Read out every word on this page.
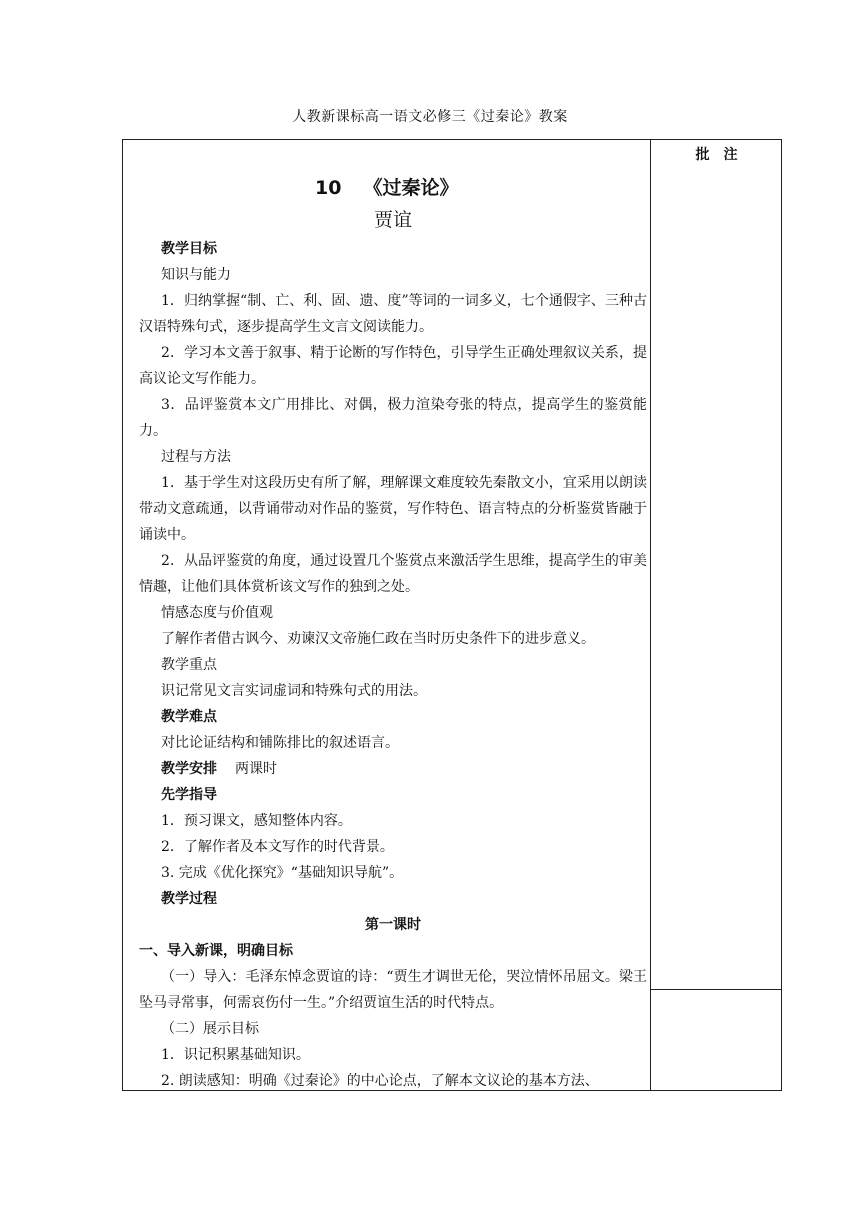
人教新课标高一语文必修三《过秦论》教案
批　注
10 《过秦论》
贾谊

教学目标

知识与能力

1．归纳掌握“制、亡、利、固、遗、度”等词的一词多义，七个通假字、三种古汉语特殊句式，逐步提高学生文言文阅读能力。

2．学习本文善于叙事、精于论断的写作特色，引导学生正确处理叙议关系，提高议论文写作能力。

3．品评鉴赏本文广用排比、对偶，极力渲染夸张的特点，提高学生的鉴赏能力。

过程与方法

1．基于学生对这段历史有所了解，理解课文难度较先秦散文小，宜采用以朗读带动文意疏通，以背诵带动对作品的鉴赏，写作特色、语言特点的分析鉴赏皆融于诵读中。

2．从品评鉴赏的角度，通过设置几个鉴赏点来激活学生思维，提高学生的审美情趣，让他们具体赏析该文写作的独到之处。

情感态度与价值观

了解作者借古讽今、劝谏汉文帝施仁政在当时历史条件下的进步意义。

教学重点

识记常见文言实词虚词和特殊句式的用法。

教学难点

对比论证结构和铺陈排比的叙述语言。

教学安排 两课时

先学指导

1．预习课文，感知整体内容。

2．了解作者及本文写作的时代背景。

3. 完成《优化探究》“基础知识导航”。

教学过程

第一课时

一、导入新课，明确目标

（一）导入：毛泽东悼念贾谊的诗：“贾生才调世无伦，哭泣情怀吊屈文。梁王坠马寻常事，何需哀伤付一生。”介绍贾谊生活的时代特点。

（二）展示目标

1．识记积累基础知识。

2. 朗读感知：明确《过秦论》的中心论点，了解本文议论的基本方法、
